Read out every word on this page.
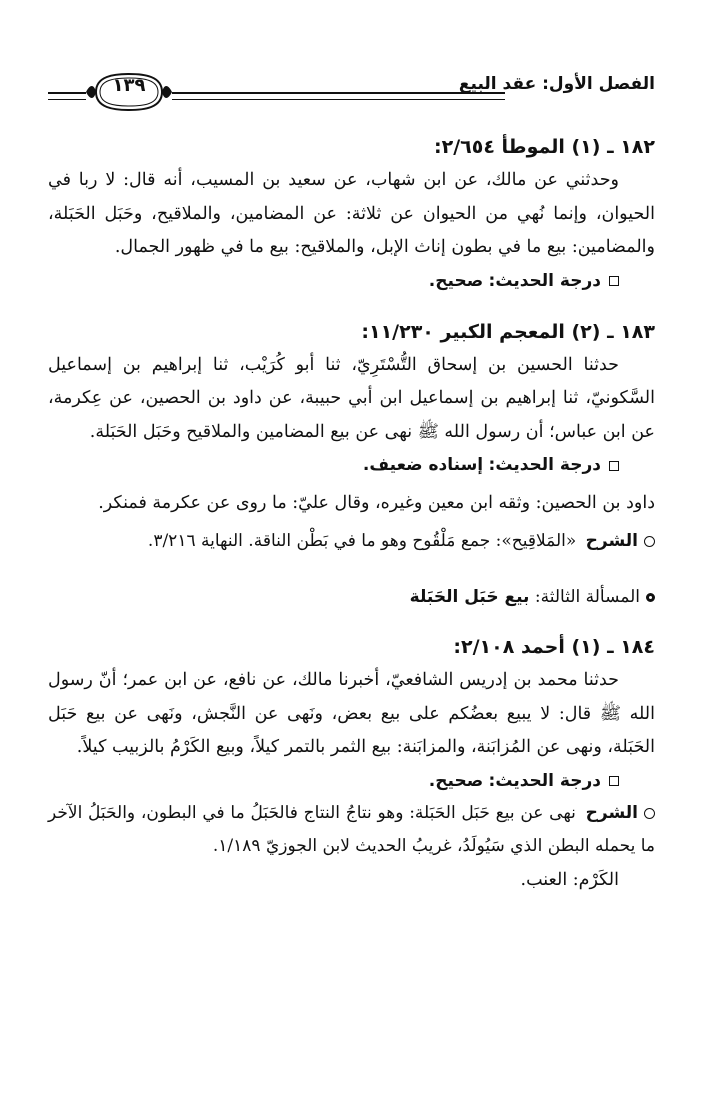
الفصل الأول: عقد البيع
١٣٩
١٨٢ ـ (١) الموطأ ٢/٦٥٤:
وحدثني عن مالك، عن ابن شهاب، عن سعيد بن المسيب، أنه قال: لا ربا في الحيوان، وإنما نُهي من الحيوان عن ثلاثة: عن المضامين، والملاقيح، وحَبَل الحَبَلة، والمضامين: بيع ما في بطون إناث الإبل، والملاقيح: بيع ما في ظهور الجمال.
درجة الحديث: صحيح.
١٨٣ ـ (٢) المعجم الكبير ١١/٢٣٠:
حدثنا الحسين بن إسحاق التُّسْتَرِيّ، ثنا أبو كُرَيْب، ثنا إبراهيم بن إسماعيل السَّكونيّ، ثنا إبراهيم بن إسماعيل ابن أبي حبيبة، عن داود بن الحصين، عن عِكرمة، عن ابن عباس؛ أن رسول الله ﷺ نهى عن بيع المضامين والملاقيح وحَبَل الحَبَلة.
درجة الحديث: إسناده ضعيف.
داود بن الحصين: وثقه ابن معين وغيره، وقال عليّ: ما روى عن عكرمة فمنكر.
الشرح «المَلاقِيح»: جمع مَلْقُوح وهو ما في بَطْن الناقة. النهاية ٣/٢١٦.
المسألة الثالثة: بيع حَبَل الحَبَلة
١٨٤ ـ (١) أحمد ٢/١٠٨:
حدثنا محمد بن إدريس الشافعيّ، أخبرنا مالك، عن نافع، عن ابن عمر؛ أنّ رسول الله ﷺ قال: لا يبيع بعضُكم على بيع بعض، ونَهى عن النَّجش، ونَهى عن بيع حَبَل الحَبَلة، ونهى عن المُزابَنة، والمزابَنة: بيع الثمر بالتمر كيلاً، وبيع الكَرْمُ بالزبيب كيلاً.
درجة الحديث: صحيح.
الشرح نهى عن بيع حَبَل الحَبَلة: وهو نتاجُ النتاج فالحَبَلُ ما في البطون، والحَبَلُ الآخر ما يحمله البطن الذي سَيُولَدُ، غريبُ الحديث لابن الجوزيّ ١/١٨٩.
الكَرْم: العنب.
